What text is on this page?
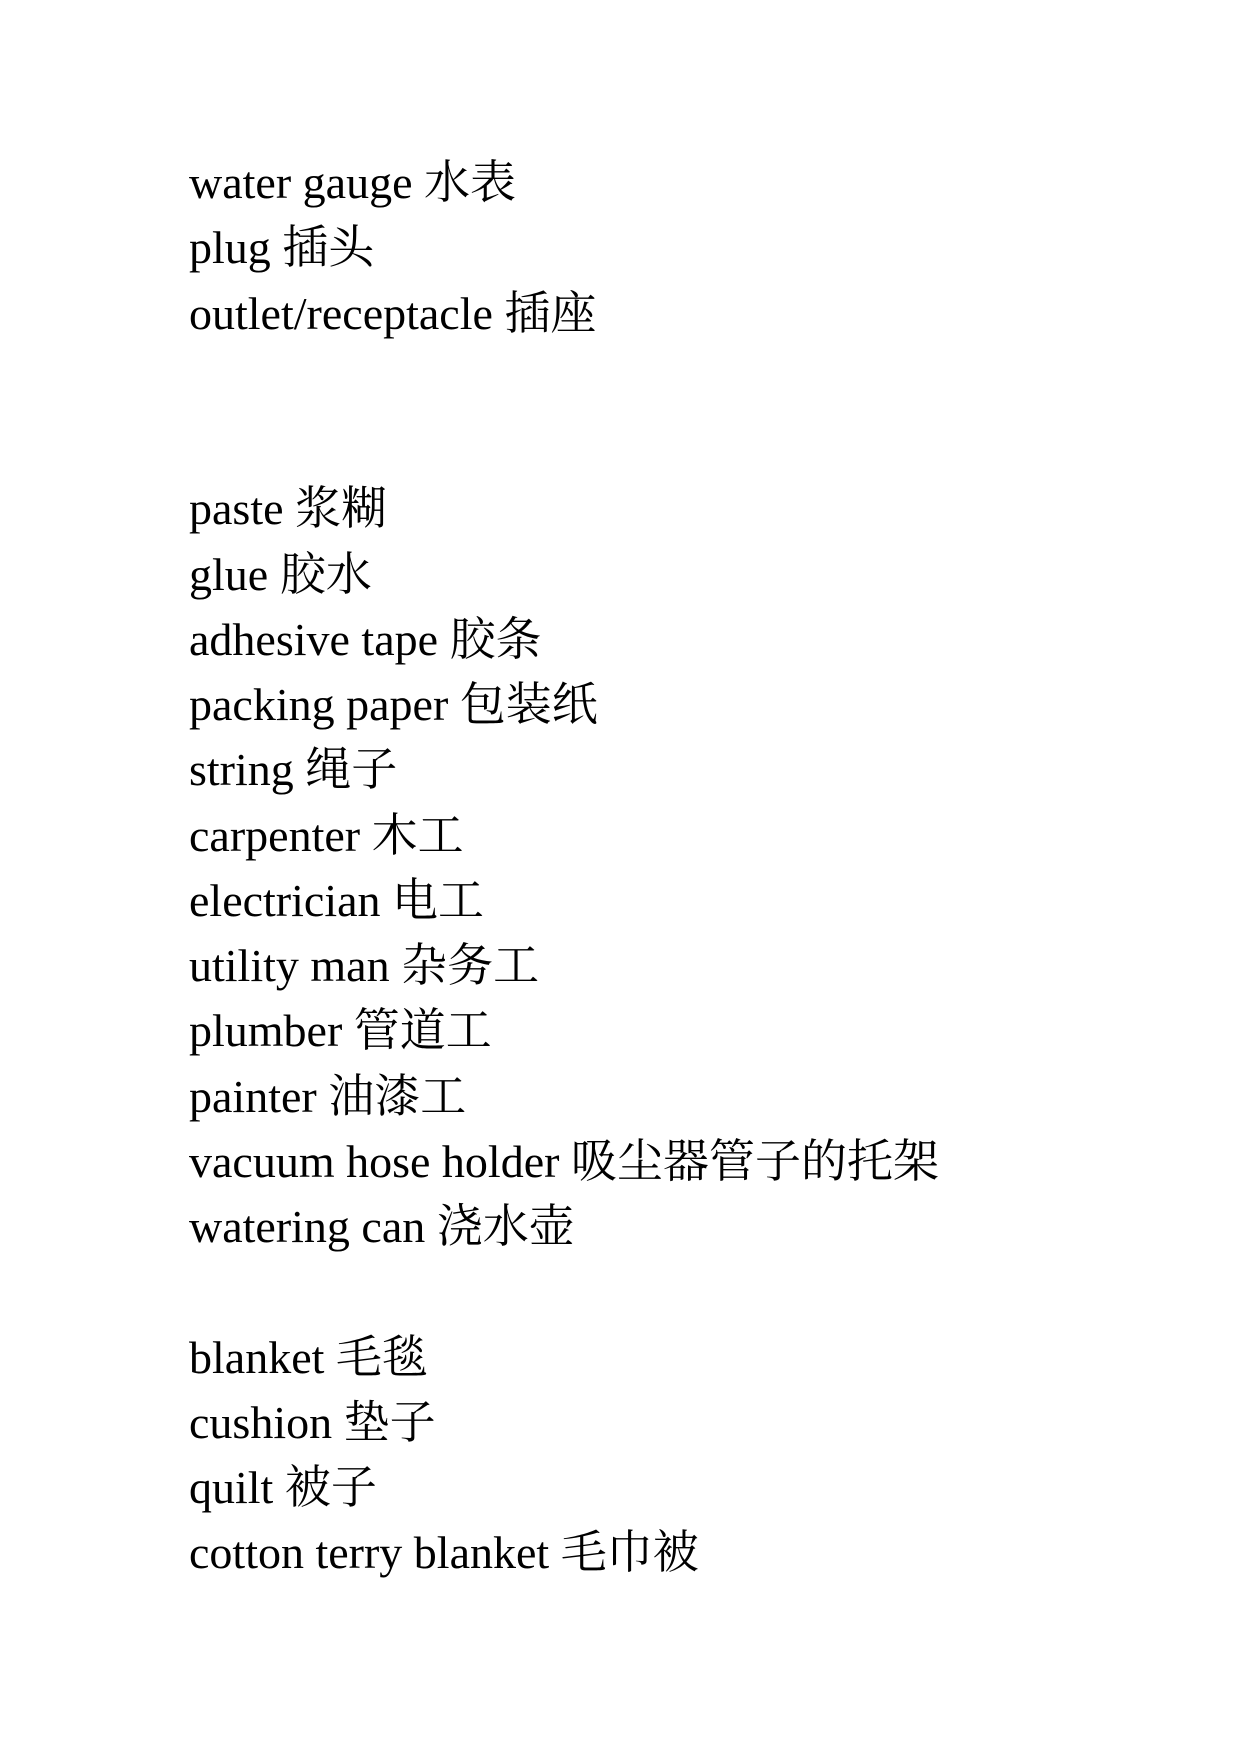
water gauge 水表
plug 插头
outlet/receptacle 插座
paste 浆糊
glue 胶水
adhesive tape 胶条
packing paper 包装纸
string 绳子
carpenter 木工
electrician 电工
utility man 杂务工
plumber 管道工
painter 油漆工
vacuum hose holder 吸尘器管子的托架
watering can 浇水壶
blanket 毛毯
cushion 垫子
quilt 被子
cotton terry blanket 毛巾被
